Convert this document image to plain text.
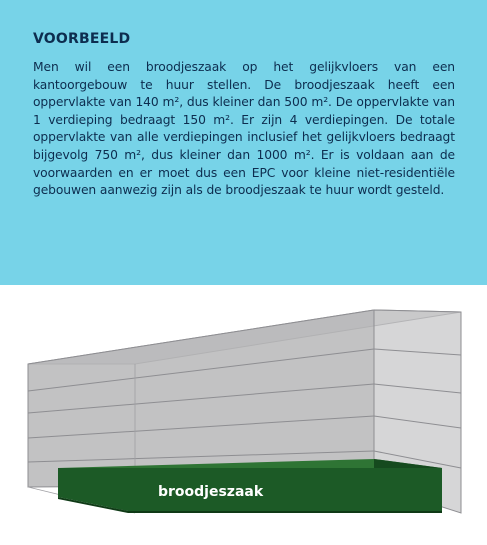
VOORBEELD

Men wil een broodjeszaak op het gelijkvloers van een kantoorgebouw te huur stellen. De broodjeszaak heeft een oppervlakte van 140 m², dus kleiner dan 500 m². De oppervlakte van 1 verdieping bedraagt 150 m². Er zijn 4 verdiepingen. De totale oppervlakte van alle verdiepingen inclusief het gelijkvloers bedraagt bijgevolg 750 m², dus kleiner dan 1000 m². Er is voldaan aan de voorwaarden en er moet dus een EPC voor kleine niet-residentiële gebouwen aanwezig zijn als de broodjeszaak te huur wordt gesteld.

broodjeszaak
